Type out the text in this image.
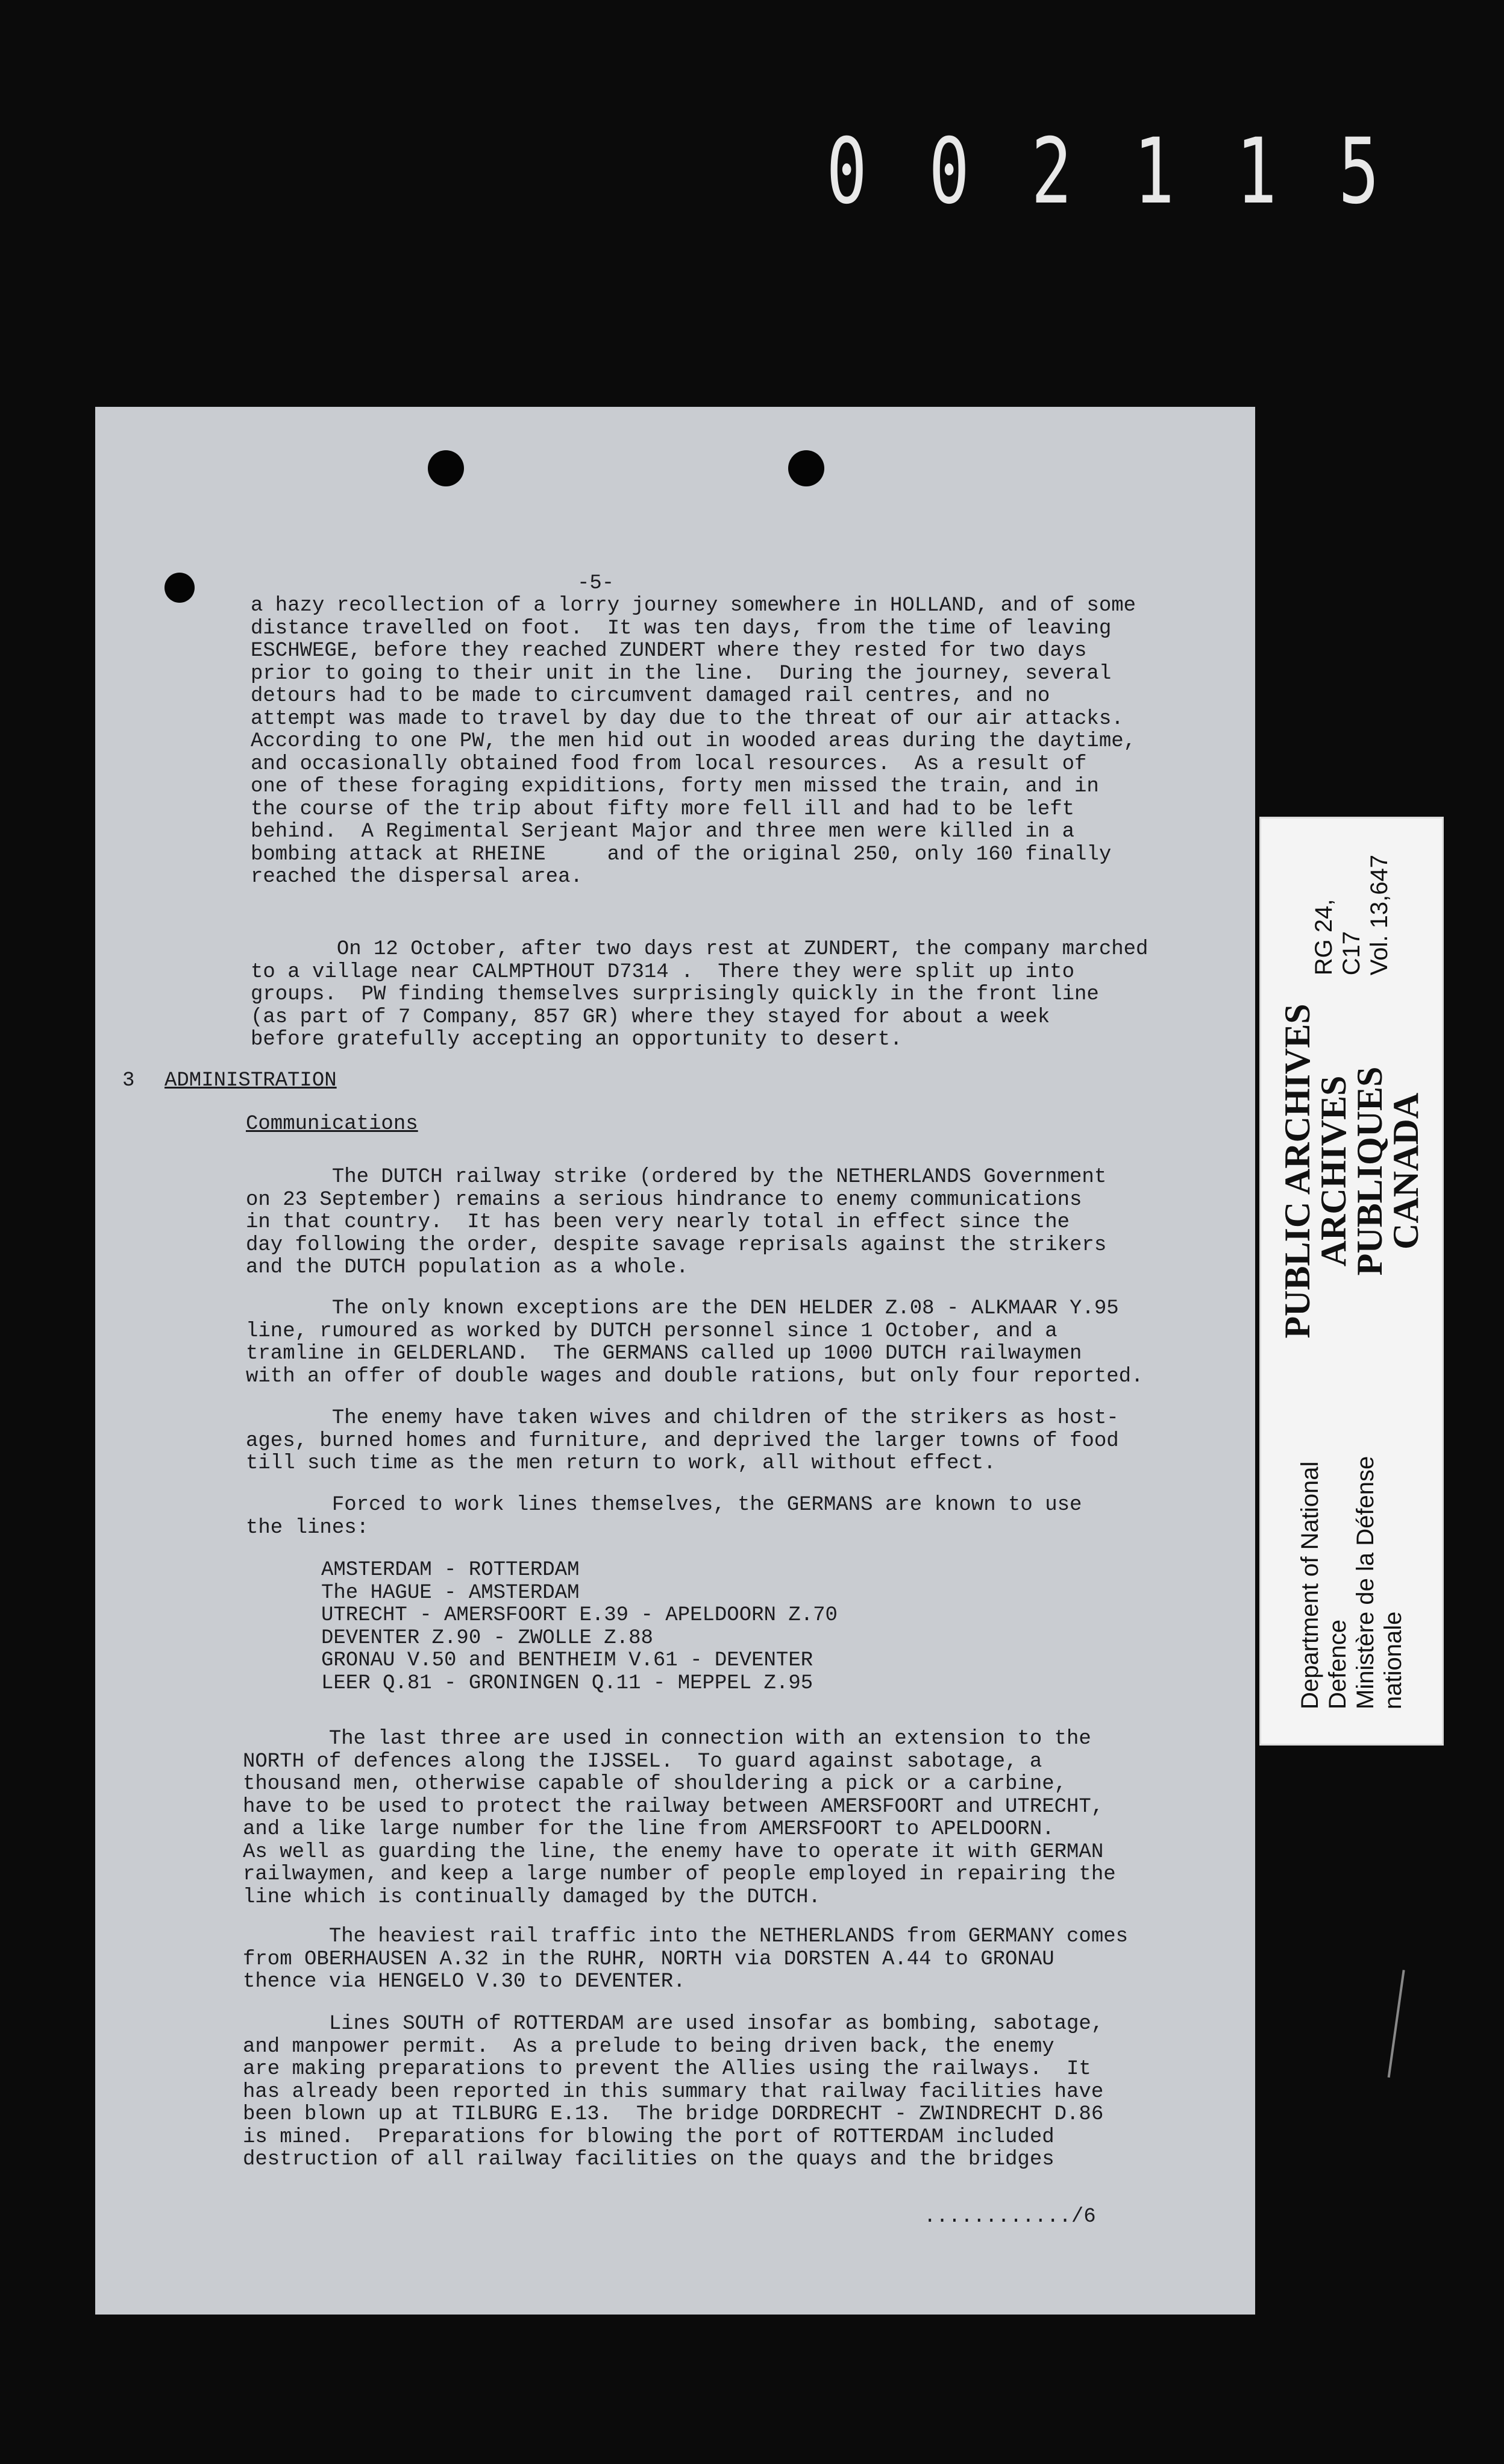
0 0 2 1 1 5
-5-
a hazy recollection of a lorry journey somewhere in HOLLAND, and of some
distance travelled on foot.  It was ten days, from the time of leaving
ESCHWEGE, before they reached ZUNDERT where they rested for two days
prior to going to their unit in the line.  During the journey, several
detours had to be made to circumvent damaged rail centres, and no
attempt was made to travel by day due to the threat of our air attacks.
According to one PW, the men hid out in wooded areas during the daytime,
and occasionally obtained food from local resources.  As a result of
one of these foraging expiditions, forty men missed the train, and in
the course of the trip about fifty more fell ill and had to be left
behind.  A Regimental Serjeant Major and three men were killed in a
bombing attack at RHEINE     and of the original 250, only 160 finally
reached the dispersal area.
On 12 October, after two days rest at ZUNDERT, the company marched
to a village near CALMPTHOUT D7314 .  There they were split up into
groups.  PW finding themselves surprisingly quickly in the front line
(as part of 7 Company, 857 GR) where they stayed for about a week
before gratefully accepting an opportunity to desert.
3 ADMINISTRATION
Communications
The DUTCH railway strike (ordered by the NETHERLANDS Government
on 23 September) remains a serious hindrance to enemy communications
in that country.  It has been very nearly total in effect since the
day following the order, despite savage reprisals against the strikers
and the DUTCH population as a whole.
The only known exceptions are the DEN HELDER Z.08 - ALKMAAR Y.95
line, rumoured as worked by DUTCH personnel since 1 October, and a
tramline in GELDERLAND.  The GERMANS called up 1000 DUTCH railwaymen
with an offer of double wages and double rations, but only four reported.
The enemy have taken wives and children of the strikers as host-
ages, burned homes and furniture, and deprived the larger towns of food
till such time as the men return to work, all without effect.
Forced to work lines themselves, the GERMANS are known to use
the lines:
AMSTERDAM - ROTTERDAM
The HAGUE - AMSTERDAM
UTRECHT - AMERSFOORT E.39 - APELDOORN Z.70
DEVENTER Z.90 - ZWOLLE Z.88
GRONAU V.50 and BENTHEIM V.61 - DEVENTER
LEER Q.81 - GRONINGEN Q.11 - MEPPEL Z.95
The last three are used in connection with an extension to the
NORTH of defences along the IJSSEL.  To guard against sabotage, a
thousand men, otherwise capable of shouldering a pick or a carbine,
have to be used to protect the railway between AMERSFOORT and UTRECHT,
and a like large number for the line from AMERSFOORT to APELDOORN.
As well as guarding the line, the enemy have to operate it with GERMAN
railwaymen, and keep a large number of people employed in repairing the
line which is continually damaged by the DUTCH.
The heaviest rail traffic into the NETHERLANDS from GERMANY comes
from OBERHAUSEN A.32 in the RUHR, NORTH via DORSTEN A.44 to GRONAU
thence via HENGELO V.30 to DEVENTER.
Lines SOUTH of ROTTERDAM are used insofar as bombing, sabotage,
and manpower permit.  As a prelude to being driven back, the enemy
are making preparations to prevent the Allies using the railways.  It
has already been reported in this summary that railway facilities have
been blown up at TILBURG E.13.  The bridge DORDRECHT - ZWINDRECHT D.86
is mined.  Preparations for blowing the port of ROTTERDAM included
destruction of all railway facilities on the quays and the bridges
............/6
Department of National Defence Ministère de la Défense nationale
PUBLIC ARCHIVES
ARCHIVES PUBLIQUES
CANADA
RG 24, C17 Vol. 13,647
